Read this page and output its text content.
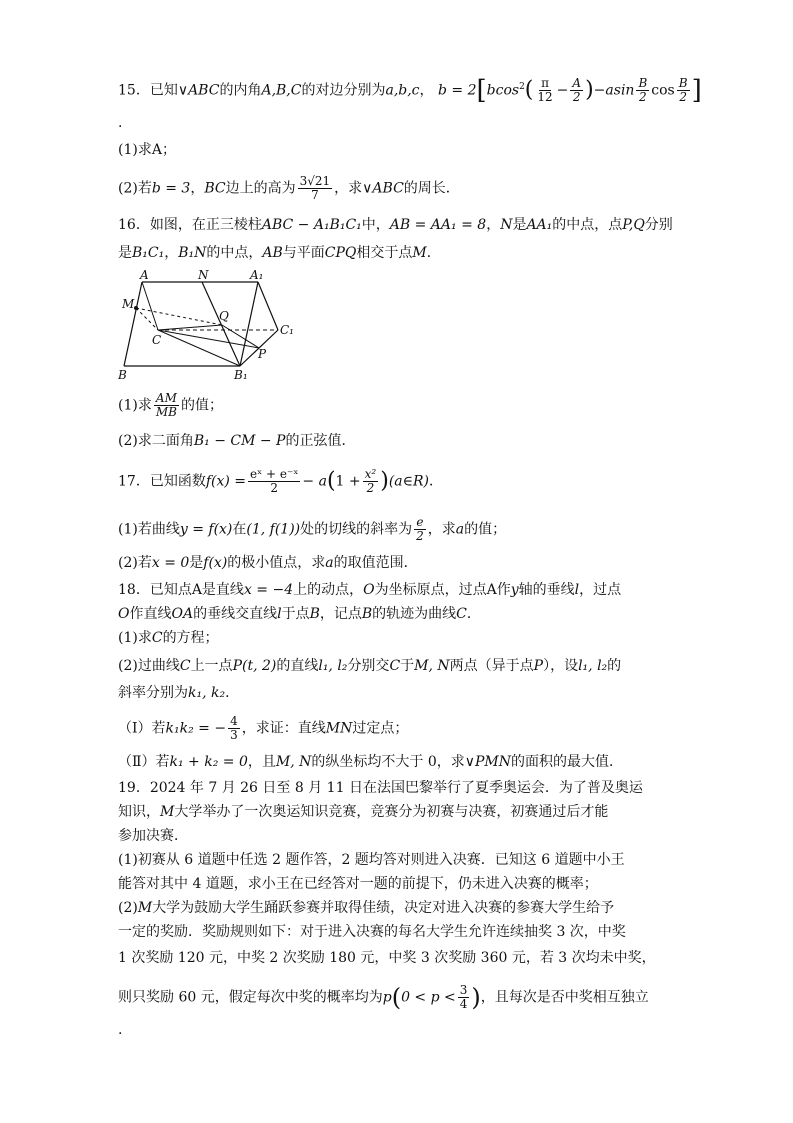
15．已知∨ABC的内角A,B,C的对边分别为a,b,c， $b = 2[bcos^2( \frac{\pi}{12} - \frac{A}{2} )-asin \frac{B}{2}$ $\cos \frac{B}{2}$ ]
.
(1)求A；
(2)若b = 3，BC边上的高为 $\frac{3√21}{7}$ ，求∨ABC的周长．
16．如图，在正三棱柱ABC − A₁B₁C₁中，AB = AA₁ = 8，N是AA₁的中点，点P,Q分别
是B₁C₁，B₁N的中点，AB与平面CPQ相交于点M．
A	N	A₁
M
Q
C₁
C
P
B	B₁
(1)求 $\frac{AM}{MB}$ 的值；
(2)求二面角B₁ − CM − P的正弦值．
17．已知函数$f(x) = \frac{\text{eˣ + e⁻ˣ}}{2} - a(1 + \frac{\text{x²}}{2}$ )(a∈R)．
(1)若曲线y = f(x)在(1, f(1))处的切线的斜率为 $\frac{e}{2}$ ，求a的值；
(2)若x = 0是f(x)的极小值点，求a的取值范围．
18．已知点A是直线x = −4上的动点，O为坐标原点，过点A作y轴的垂线l，过点
O作直线OA的垂线交直线l于点B，记点B的轨迹为曲线C．
(1)求C的方程；
(2)过曲线C上一点P(t, 2)的直线l₁, l₂分别交C于M, N两点（异于点P），设l₁, l₂的
斜率分别为k₁, k₂．
（Ⅰ）若k₁k₂ = − $\frac{4}{3}$ ，求证：直线MN过定点；
（Ⅱ）若k₁ + k₂ = 0，且M, N的纵坐标均不大于 0，求∨PMN的面积的最大值．
19．2024 年 7 月 26 日至 8 月 11 日在法国巴黎举行了夏季奥运会．为了普及奥运
知识，M大学举办了一次奥运知识竞赛，竞赛分为初赛与决赛，初赛通过后才能
参加决赛．
(1)初赛从 6 道题中任选 2 题作答，2 题均答对则进入决赛．已知这 6 道题中小王
能答对其中 4 道题，求小王在已经答对一题的前提下，仍未进入决赛的概率；
(2)M大学为鼓励大学生踊跃参赛并取得佳绩，决定对进入决赛的参赛大学生给予
一定的奖励．奖励规则如下：对于进入决赛的每名大学生允许连续抽奖 3 次，中奖
1 次奖励 120 元，中奖 2 次奖励 180 元，中奖 3 次奖励 360 元，若 3 次均未中奖，
则只奖励 60 元，假定每次中奖的概率均为$p(0 < p < \frac{3}{4}$ )，且每次是否中奖相互独立
.
